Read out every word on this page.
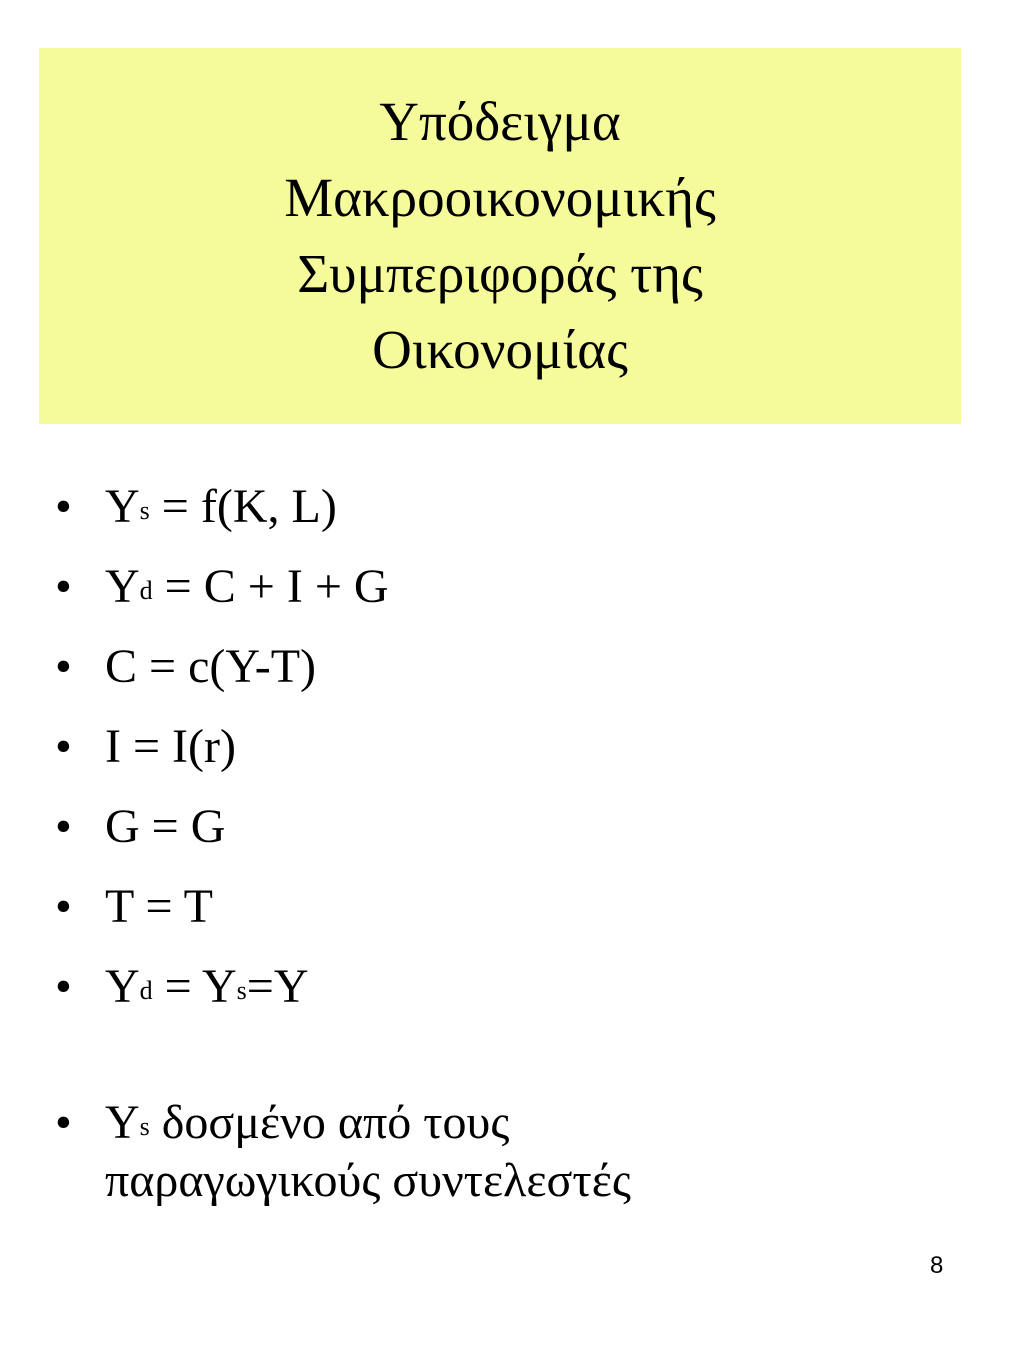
Υπόδειγμα
Μακροοικονομικής
Συμπεριφοράς της
Οικονομίας
• $Y^s = f(K$, L)
• $Y^d = C + I + G$
• C = c(Y-T)
• I = I(r)
• G = G
• T = T
• $Y^d = Y^s=Y$
• $Y^s$ δοσμένο από τους
παραγωγικούς συντελεστές
8
